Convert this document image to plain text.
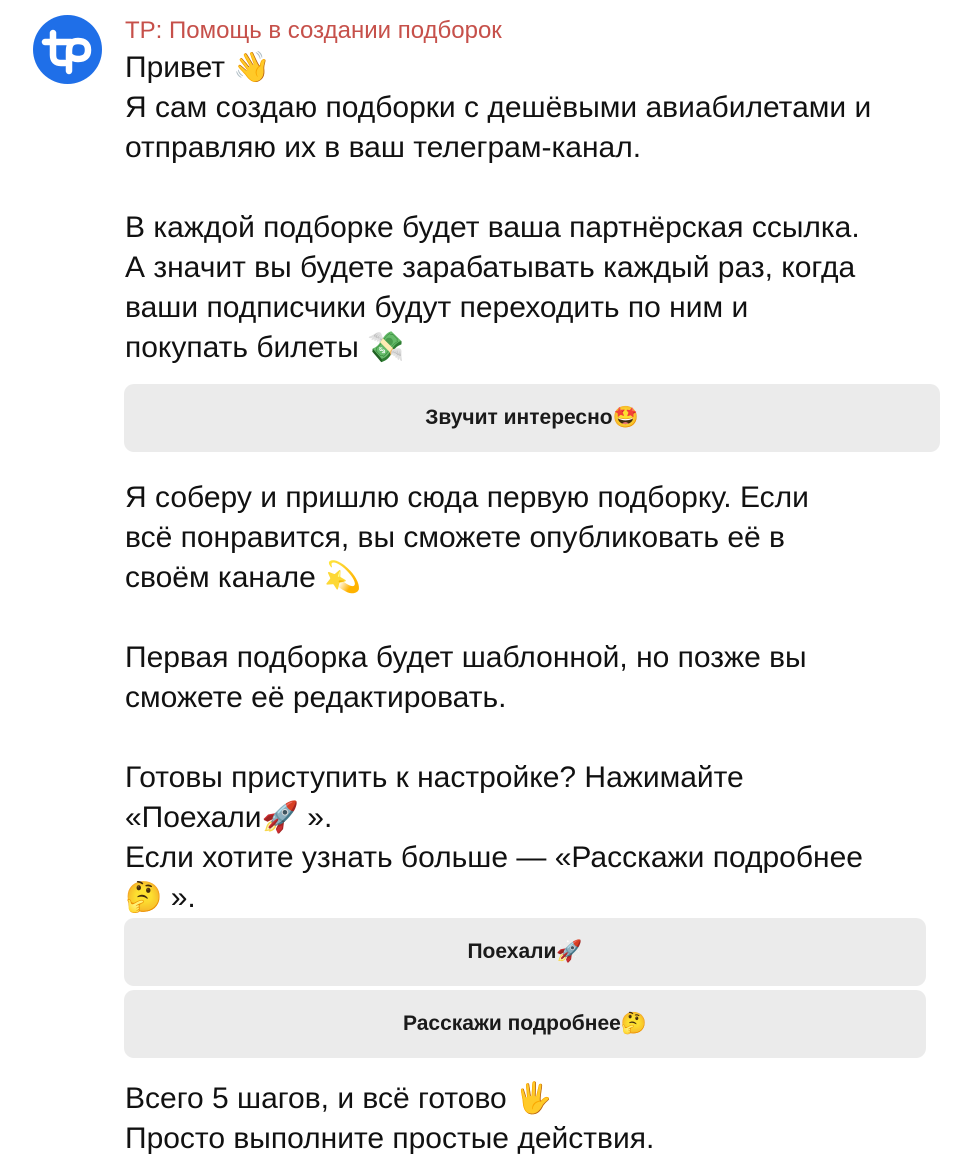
TP: Помощь в создании подборок
Привет 👋
Я сам создаю подборки с дешёвыми авиабилетами и
отправляю их в ваш телеграм-канал.
В каждой подборке будет ваша партнёрская ссылка.
А значит вы будете зарабатывать каждый раз, когда
ваши подписчики будут переходить по ним и
покупать билеты 💸
Звучит интересно🤩
Я соберу и пришлю сюда первую подборку. Если
всё понравится, вы сможете опубликовать её в
своём канале 💫
Первая подборка будет шаблонной, но позже вы
сможете её редактировать.
Готовы приступить к настройке? Нажимайте
«Поехали🚀 ».
Если хотите узнать больше — «Расскажи подробнее
🤔 ».
Поехали🚀
Расскажи подробнее🤔
Всего 5 шагов, и всё готово 🖐
Просто выполните простые действия.
